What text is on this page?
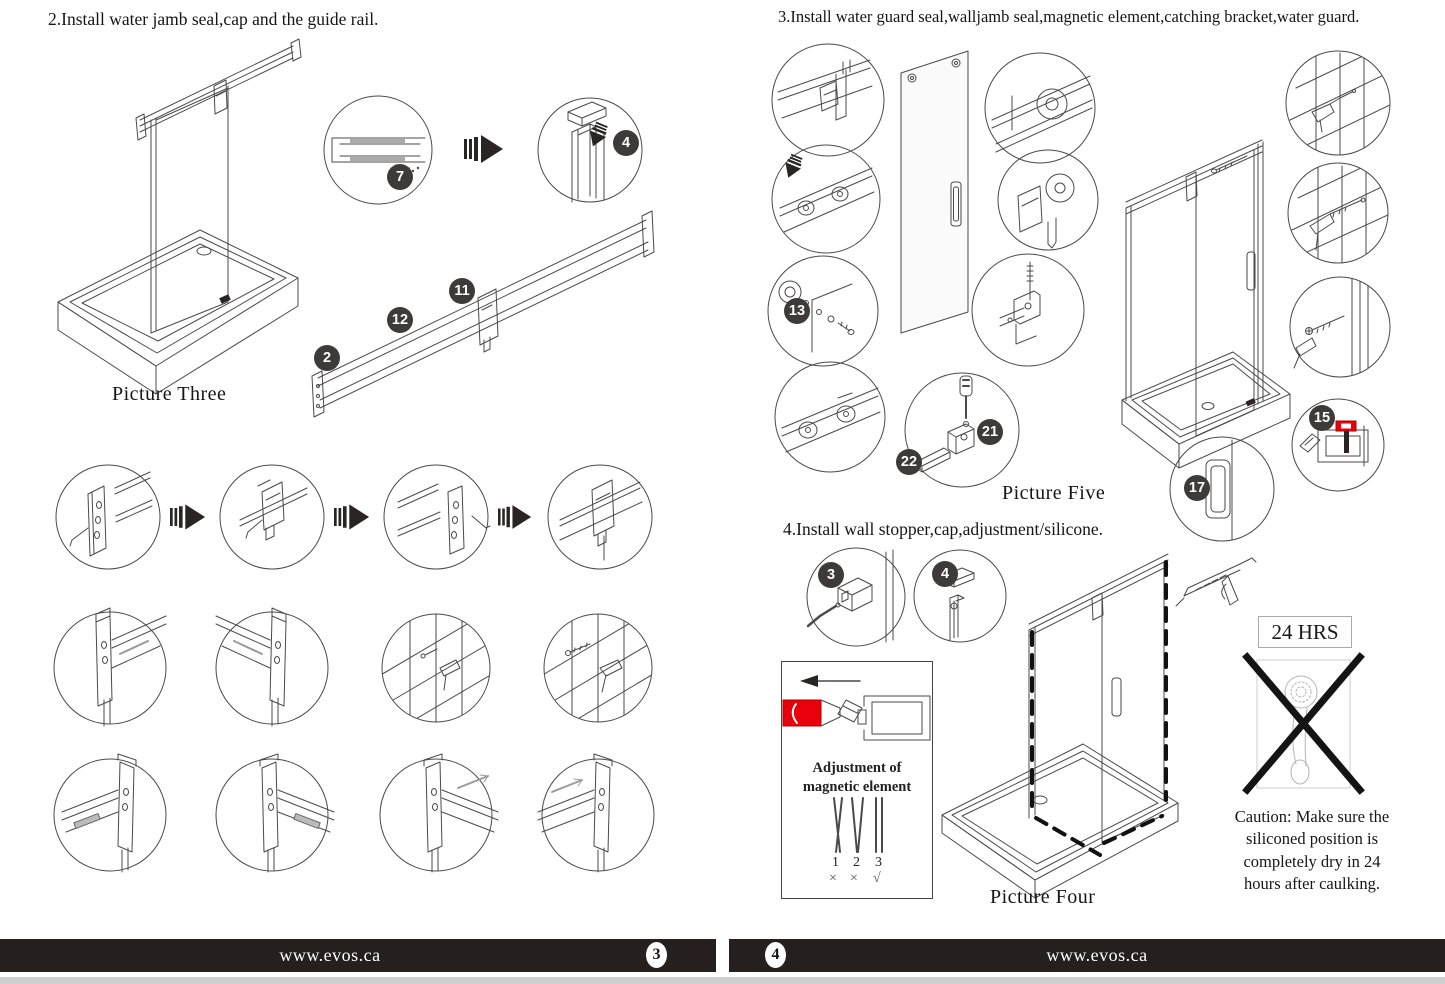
2.Install water jamb seal,cap and the guide rail.
Picture Three
3.Install water guard seal,walljamb seal,magnetic element,catching bracket,water guard.
Picture Five
4.Install wall stopper,cap,adjustment/silicone.
Picture Four
7
4
11
12
2
13
21
22
15
17
3	4
Adjustment of
magnetic element
1 2 3
× × √
24 HRS
Caution: Make sure the
siliconed position is
completely dry in 24
hours after caulking.
www.evos.ca	www.evos.ca
3	4
